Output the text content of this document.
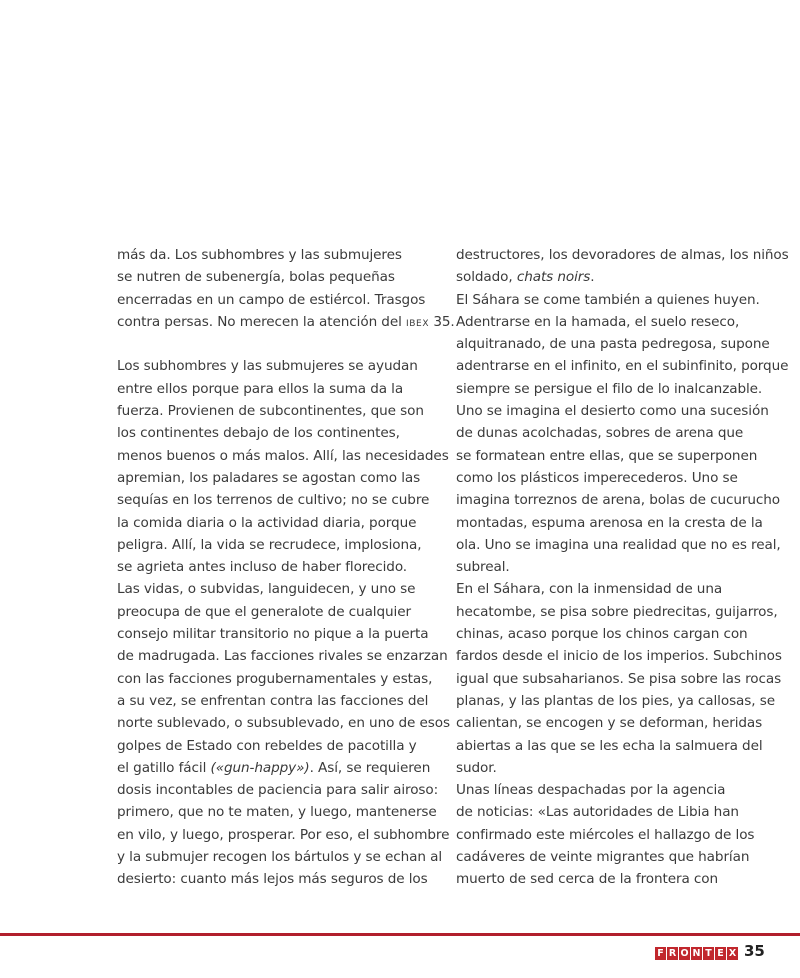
más da. Los subhombres y las submujeres
se nutren de subenergía, bolas pequeñas
encerradas en un campo de estiércol. Trasgos
contra persas. No merecen la atención del IBEX 35.
Los subhombres y las submujeres se ayudan
entre ellos porque para ellos la suma da la
fuerza. Provienen de subcontinentes, que son
los continentes debajo de los continentes,
menos buenos o más malos. Allí, las necesidades
apremian, los paladares se agostan como las
sequías en los terrenos de cultivo; no se cubre
la comida diaria o la actividad diaria, porque
peligra. Allí, la vida se recrudece, implosiona,
se agrieta antes incluso de haber florecido.
Las vidas, o subvidas, languidecen, y uno se
preocupa de que el generalote de cualquier
consejo militar transitorio no pique a la puerta
de madrugada. Las facciones rivales se enzarzan
con las facciones progubernamentales y estas,
a su vez, se enfrentan contra las facciones del
norte sublevado, o subsublevado, en uno de esos
golpes de Estado con rebeldes de pacotilla y
el gatillo fácil («gun-happy»). Así, se requieren
dosis incontables de paciencia para salir airoso:
primero, que no te maten, y luego, mantenerse
en vilo, y luego, prosperar. Por eso, el subhombre
y la submujer recogen los bártulos y se echan al
desierto: cuanto más lejos más seguros de los
destructores, los devoradores de almas, los niños
soldado, chats noirs.
El Sáhara se come también a quienes huyen.
Adentrarse en la hamada, el suelo reseco,
alquitranado, de una pasta pedregosa, supone
adentrarse en el infinito, en el subinfinito, porque
siempre se persigue el filo de lo inalcanzable.
Uno se imagina el desierto como una sucesión
de dunas acolchadas, sobres de arena que
se formatean entre ellas, que se superponen
como los plásticos imperecederos. Uno se
imagina torreznos de arena, bolas de cucurucho
montadas, espuma arenosa en la cresta de la
ola. Uno se imagina una realidad que no es real,
subreal.
En el Sáhara, con la inmensidad de una
hecatombe, se pisa sobre piedrecitas, guijarros,
chinas, acaso porque los chinos cargan con
fardos desde el inicio de los imperios. Subchinos
igual que subsaharianos. Se pisa sobre las rocas
planas, y las plantas de los pies, ya callosas, se
calientan, se encogen y se deforman, heridas
abiertas a las que se les echa la salmuera del
sudor.
Unas líneas despachadas por la agencia
de noticias: «Las autoridades de Libia han
confirmado este miércoles el hallazgo de los
cadáveres de veinte migrantes que habrían
muerto de sed cerca de la frontera con
F R O N T E X 35
